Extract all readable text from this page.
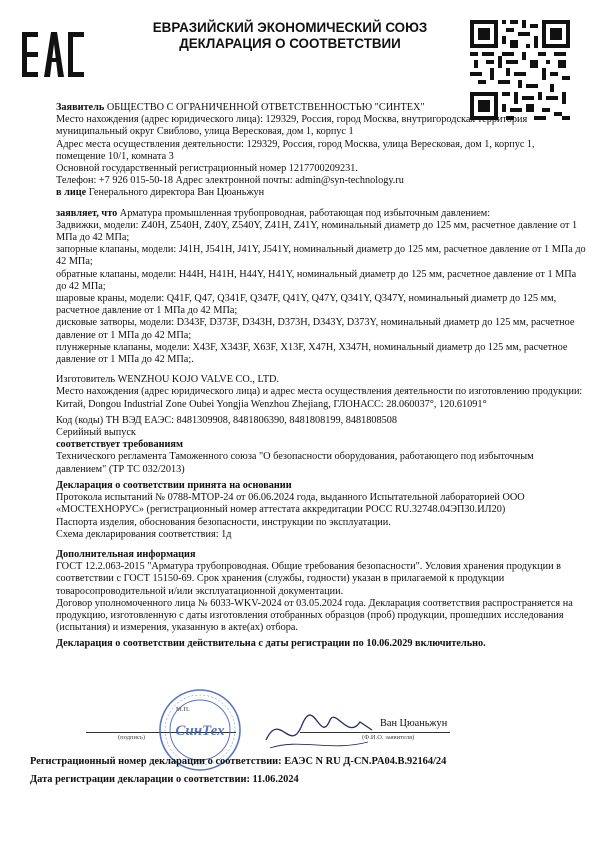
ЕВРАЗИЙСКИЙ ЭКОНОМИЧЕСКИЙ СОЮЗ
ДЕКЛАРАЦИЯ О СООТВЕТСТВИИ

Заявитель ОБЩЕСТВО С ОГРАНИЧЕННОЙ ОТВЕТСТВЕННОСТЬЮ "СИНТЕХ"

Место нахождения (адрес юридического лица): 129329, Россия, город Москва, внутригородская территория муниципальный округ Свиблово, улица Вересковая, дом 1, корпус 1

Адрес места осуществления деятельности: 129329, Россия, город Москва, улица Вересковая, дом 1, корпус 1, помещение 10/1, комната 3

Основной государственный регистрационный номер 1217700209231.

Телефон: +7 926 015-50-18 Адрес электронной почты: admin@syn-technology.ru

в лице Генерального директора Ван Цюаньжун

заявляет, что Арматура промышленная трубопроводная, работающая под избыточным давлением:

Задвижки, модели: Z40H, Z540H, Z40Y, Z540Y, Z41H, Z41Y, номинальный диаметр до 125 мм, расчетное давление от 1 МПа до 42 МПа;

запорные клапаны, модели: J41H, J541H, J41Y, J541Y, номинальный диаметр до 125 мм, расчетное давление от 1 МПа до 42 МПа;

обратные клапаны, модели: H44H, H41H, H44Y, H41Y, номинальный диаметр до 125 мм, расчетное давление от 1 МПа до 42 МПа;

шаровые краны, модели: Q41F, Q47, Q341F, Q347F, Q41Y, Q47Y, Q341Y, Q347Y, номинальный диаметр до 125 мм, расчетное давление от 1 МПа до 42 МПа;

дисковые затворы, модели: D343F, D373F, D343H, D373H, D343Y, D373Y, номинальный диаметр до 125 мм, расчетное давление от 1 МПа до 42 МПа;

плунжерные клапаны, модели: X43F, X343F, X63F, X13F, X47H, X347H, номинальный диаметр до 125 мм, расчетное давление от 1 МПа до 42 МПа;.

Изготовитель WENZHOU KOJO VALVE CO., LTD.

Место нахождения (адрес юридического лица) и адрес места осуществления деятельности по изготовлению продукции: Китай, Dongou Industrial Zone Oubei Yongjia Wenzhou Zhejiang, ГЛОНАСС: 28.060037°, 120.61091°

Код (коды) ТН ВЭД ЕАЭС: 8481309908, 8481806390, 8481808199, 8481808508

Серийный выпуск

соответствует требованиям

Технического регламента Таможенного союза "О безопасности оборудования, работающего под избыточным давлением" (ТР ТС 032/2013)

Декларация о соответствии принята на основании

Протокола испытаний № 0788-МТОР-24 от 06.06.2024 года, выданного Испытательной лабораторией ООО «МОСТЕХНОРУС» (регистрационный номер аттестата аккредитации РОСС RU.32748.04ЭПЗ0.ИЛ20)

Паспорта изделия, обоснования безопасности, инструкции по эксплуатации.

Схема декларирования соответствия: 1д

Дополнительная информация

ГОСТ 12.2.063-2015 "Арматура трубопроводная. Общие требования безопасности". Условия хранения продукции в соответствии с ГОСТ 15150-69. Срок хранения (службы, годности) указан в прилагаемой к продукции товаросопроводительной и/или эксплуатационной документации.

Договор уполномоченного лица № 6033-WKV-2024 от 03.05.2024 года. Декларация соответствия распространяется на продукцию, изготовленную с даты изготовления отобранных образцов (проб) продукции, прошедших исследования (испытания) и измерения, указанную в акте(ах) отбора.

Декларация о соответствии действительна с даты регистрации по 10.06.2029 включительно.

Ван Цюаньжун
(подпись)
М.П.
(Ф.И.О. заявителя)
СинТех
Регистрационный номер декларации о соответствии: ЕАЭС N RU Д-CN.PA04.B.92164/24
Дата регистрации декларации о соответствии: 11.06.2024
